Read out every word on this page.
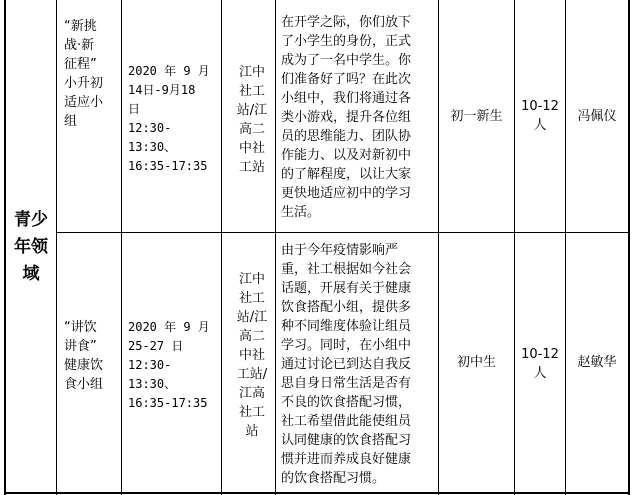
青少
年领
域
“新挑
战·新
征程”
小升初
适应小
组
2020 年 9 月
14日-9月18
日
12:30-
13:30、
16:35-17:35
江中
社工
站/江
高二
中社
工站
在开学之际，你们放下
了小学生的身份，正式
成为了一名中学生。你
们准备好了吗？在此次
小组中，我们将通过各
类小游戏，提升各位组
员的思维能力、团队协
作能力、以及对新初中
的了解程度，以让大家
更快地适应初中的学习
生活。
初一新生
10-12
人
冯佩仪
“讲饮
讲食”
健康饮
食小组
2020 年 9 月
25-27 日
12:30-
13:30、
16:35-17:35
江中
社工
站/江
高二
中社
工站/
江高
社工
站
由于今年疫情影响严
重，社工根据如今社会
话题，开展有关于健康
饮食搭配小组，提供多
种不同维度体验让组员
学习。同时，在小组中
通过讨论已到达自我反
思自身日常生活是否有
不良的饮食搭配习惯，
社工希望借此能使组员
认同健康的饮食搭配习
惯并进而养成良好健康
的饮食搭配习惯。
初中生
10-12
人
赵敏华
